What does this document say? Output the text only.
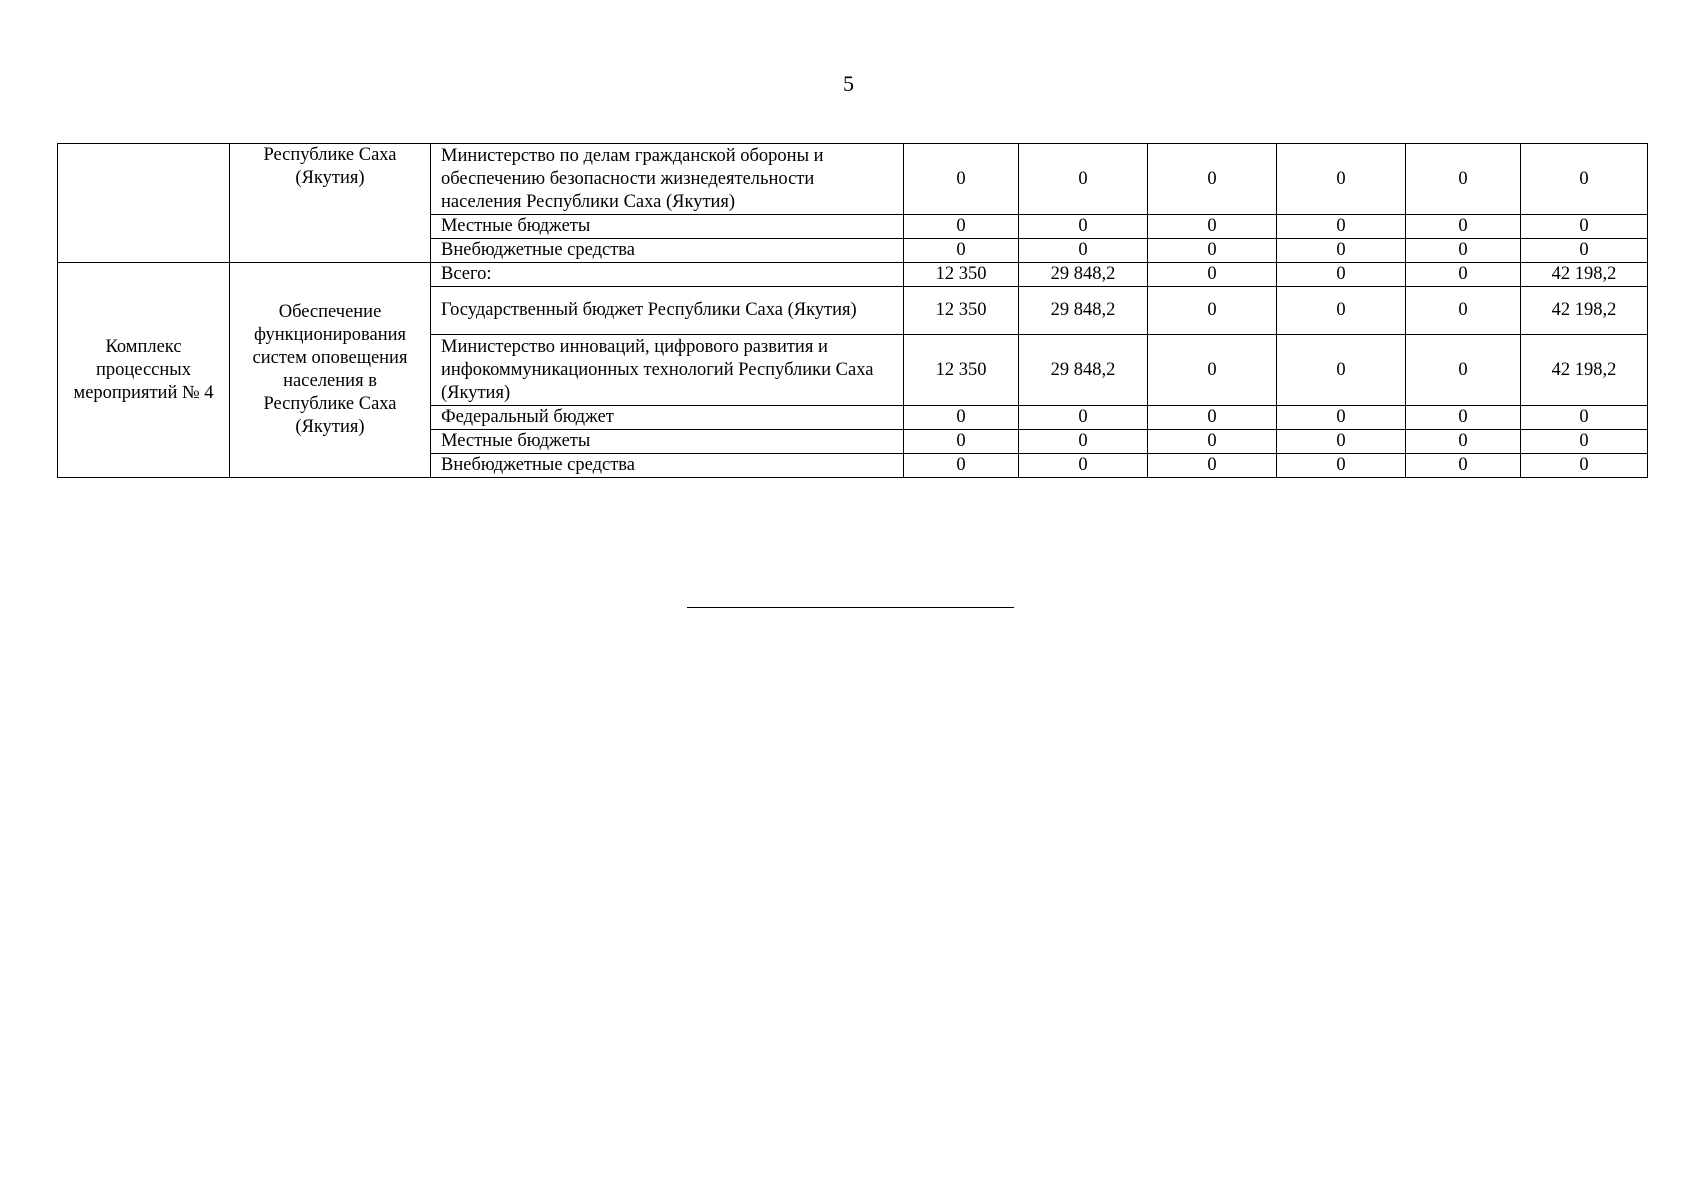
5
	Республике Саха (Якутия)	Министерство по делам гражданской обороны и обеспечению безопасности жизнедеятельности населения Республики Саха (Якутия)	0	0	0	0	0	0
		Местные бюджеты	0	0	0	0	0	0
		Внебюджетные средства	0	0	0	0	0	0
Комплекс процессных мероприятий № 4	Обеспечение функционирования систем оповещения населения в Республике Саха (Якутия)	Всего:	12 350	29 848,2	0	0	0	42 198,2
		Государственный бюджет Республики Саха (Якутия)	12 350	29 848,2	0	0	0	42 198,2
		Министерство инноваций, цифрового развития и инфокоммуникационных технологий Республики Саха (Якутия)	12 350	29 848,2	0	0	0	42 198,2
		Федеральный бюджет	0	0	0	0	0	0
		Местные бюджеты	0	0	0	0	0	0
		Внебюджетные средства	0	0	0	0	0	0
